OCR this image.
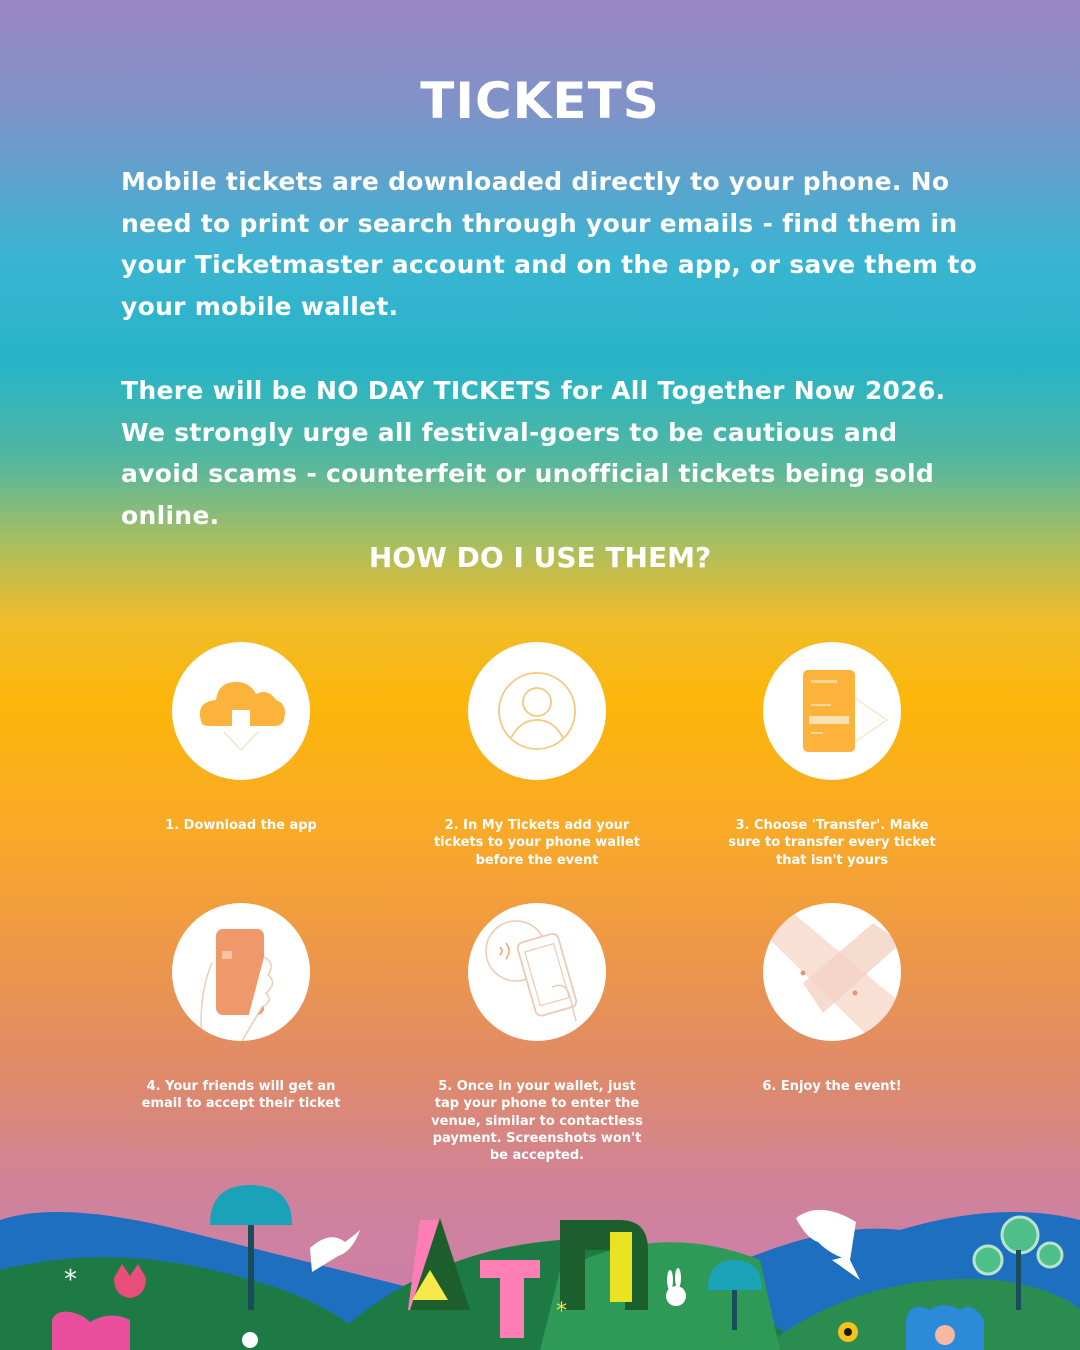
TICKETS

Mobile tickets are downloaded directly to your phone. No need to print or search through your emails - find them in your Ticketmaster account and on the app, or save them to your mobile wallet.

There will be NO DAY TICKETS for All Together Now 2026. We strongly urge all festival-goers to be cautious and avoid scams - counterfeit or unofficial tickets being sold online.

HOW DO I USE THEM?
1. Download the app	2. In My Tickets add your tickets to your phone wallet before the event
3. Choose 'Transfer'. Make sure to transfer every ticket that isn't yours
4. Your friends will get an email to accept their ticket
5. Once in your wallet, just tap your phone to enter the venue, similar to contactless payment. Screenshots won't be accepted.
6. Enjoy the event!
*
*
